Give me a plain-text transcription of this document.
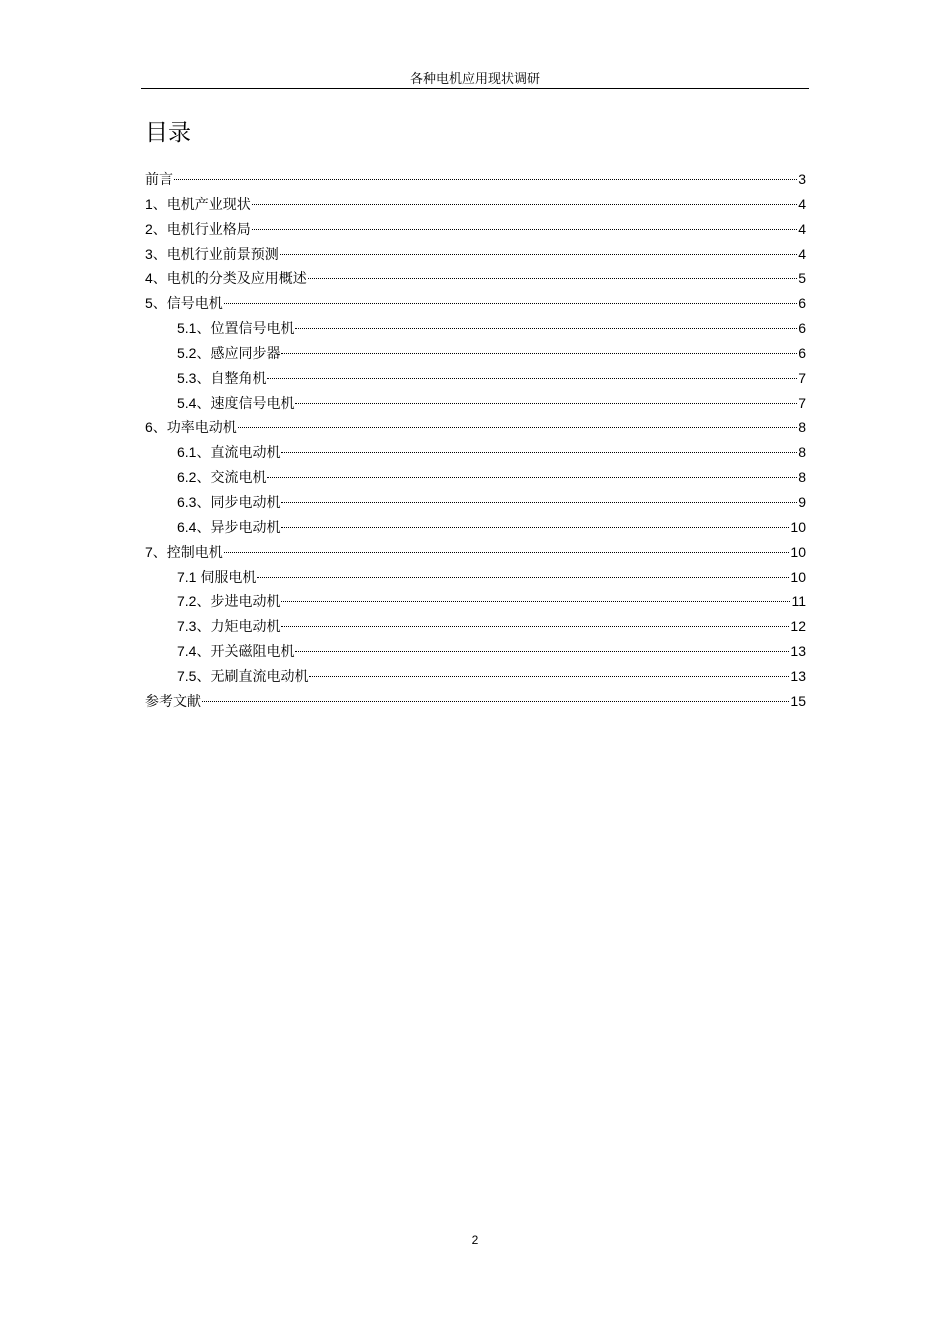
各种电机应用现状调研
目录
前言	3
1、电机产业现状	4
2、电机行业格局	4
3、电机行业前景预测	4
4、电机的分类及应用概述	5
5、信号电机	6
5.1、位置信号电机	6
5.2、感应同步器	6
5.3、自整角机	7
5.4、速度信号电机	7
6、功率电动机	8
6.1、直流电动机	8
6.2、交流电机	8
6.3、同步电动机	9
6.4、异步电动机	10
7、控制电机	10
7.1 伺服电机	10
7.2、步进电动机	11
7.3、力矩电动机	12
7.4、开关磁阻电机	13
7.5、无刷直流电动机	13
参考文献	15
2
